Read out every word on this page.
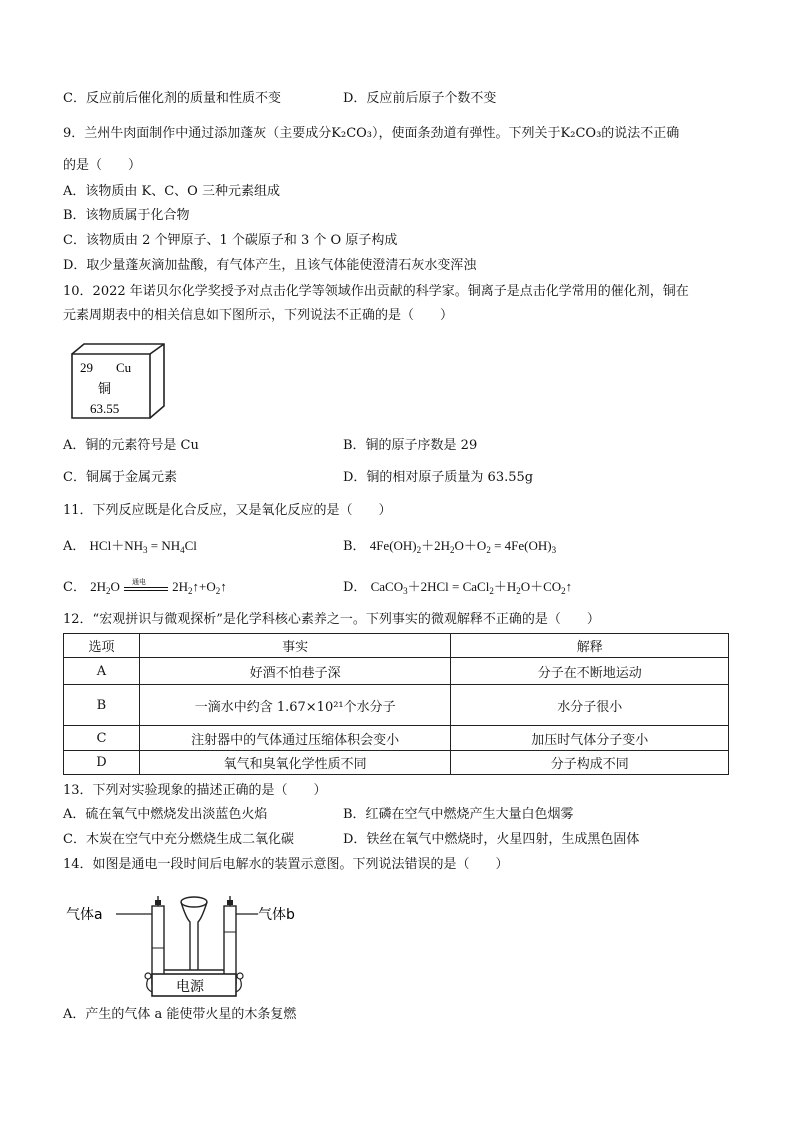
C．反应前后催化剂的质量和性质不变	D．反应前后原子个数不变
9．兰州牛肉面制作中通过添加蓬灰（主要成分K₂CO₃），使面条劲道有弹性。下列关于K₂CO₃的说法不正确
的是（　　）
A．该物质由 K、C、O 三种元素组成
B．该物质属于化合物
C．该物质由 2 个钾原子、1 个碳原子和 3 个 O 原子构成
D．取少量蓬灰滴加盐酸，有气体产生，且该气体能使澄清石灰水变浑浊
10．2022 年诺贝尔化学奖授予对点击化学等领域作出贡献的科学家。铜离子是点击化学常用的催化剂，铜在
元素周期表中的相关信息如下图所示，下列说法不正确的是（　　）
29 Cu
铜
63.55
A．铜的元素符号是 Cu	B．铜的原子序数是 29
C．铜属于金属元素	D．铜的相对原子质量为 63.55g
11．下列反应既是化合反应，又是氧化反应的是（　　）
A． $HCl+NH_3 = NH_4Cl$	B． $4Fe(OH)_2+2H_2O+O_2 = 4Fe(OH)_3$
C． $2H_2O$ 通电 $2H_2↑+O_2↑$	D． CaCO$_3$＋2HCl = $CaCl_2+H_2O+CO_2↑$
12．“宏观拼识与微观探析”是化学科核心素养之一。下列事实的微观解释不正确的是（　　）
选项	事实	解释
A	好酒不怕巷子深	分子在不断地运动
B	一滴水中约含 1.67×10²¹个水分子	水分子很小
C	注射器中的气体通过压缩体积会变小	加压时气体分子变小
D	氧气和臭氧化学性质不同	分子构成不同
13．下列对实验现象的描述正确的是（　　）
A．硫在氧气中燃烧发出淡蓝色火焰	B．红磷在空气中燃烧产生大量白色烟雾
C．木炭在空气中充分燃烧生成二氧化碳	D．铁丝在氧气中燃烧时，火星四射，生成黑色固体
14．如图是通电一段时间后电解水的装置示意图。下列说法错误的是（　　）
气体a	气体b
电源
A．产生的气体 a 能使带火星的木条复燃
